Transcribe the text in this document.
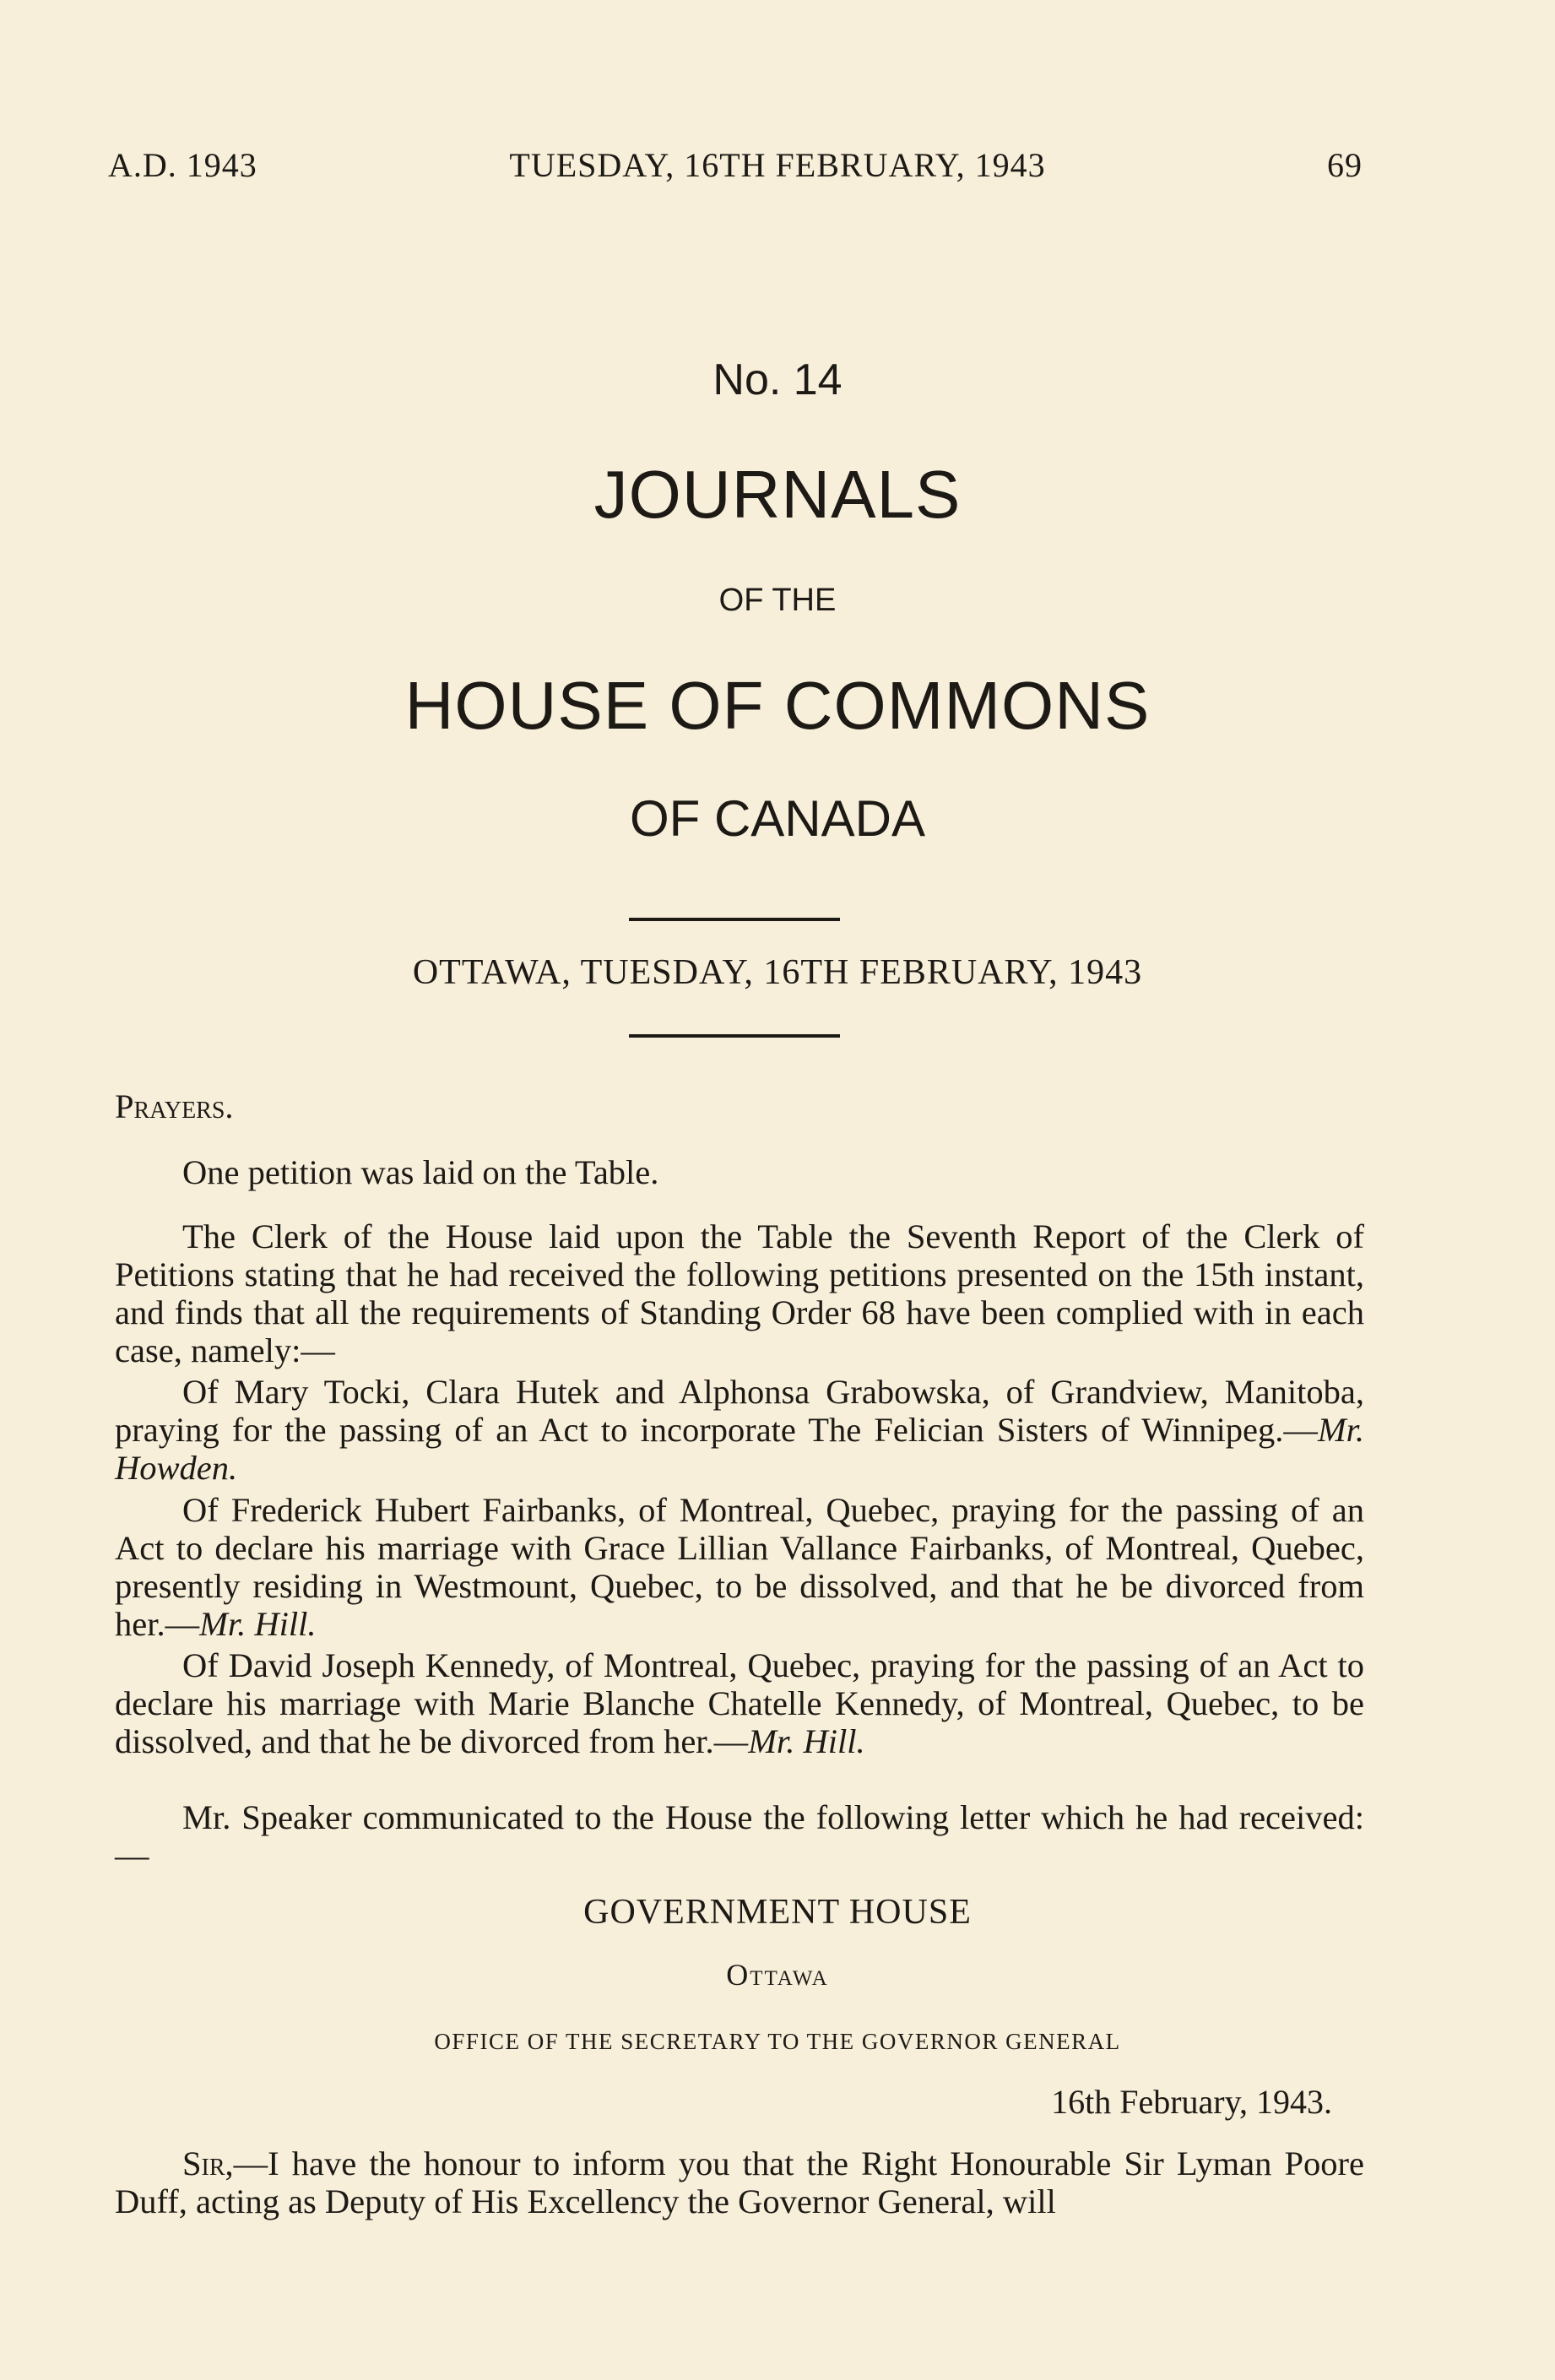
TUESDAY, 16TH FEBRUARY, 1943
A.D. 1943	69
No. 14
JOURNALS
OF THE
HOUSE OF COMMONS
OF CANADA
OTTAWA, TUESDAY, 16TH FEBRUARY, 1943
Prayers.

One petition was laid on the Table.

The Clerk of the House laid upon the Table the Seventh Report of the Clerk of Petitions stating that he had received the following petitions presented on the 15th instant, and finds that all the requirements of Standing Order 68 have been complied with in each case, namely:—

Of Mary Tocki, Clara Hutek and Alphonsa Grabowska, of Grandview, Manitoba, praying for the passing of an Act to incorporate The Felician Sisters of Winnipeg.—Mr. Howden.

Of Frederick Hubert Fairbanks, of Montreal, Quebec, praying for the passing of an Act to declare his marriage with Grace Lillian Vallance Fairbanks, of Montreal, Quebec, presently residing in Westmount, Quebec, to be dissolved, and that he be divorced from her.—Mr. Hill.

Of David Joseph Kennedy, of Montreal, Quebec, praying for the passing of an Act to declare his marriage with Marie Blanche Chatelle Kennedy, of Montreal, Quebec, to be dissolved, and that he be divorced from her.—Mr. Hill.

Mr. Speaker communicated to the House the following letter which he had received:—

GOVERNMENT HOUSE
Ottawa
OFFICE OF THE SECRETARY TO THE GOVERNOR GENERAL
16th February, 1943.

Sir,—I have the honour to inform you that the Right Honourable Sir Lyman Poore Duff, acting as Deputy of His Excellency the Governor General, will
